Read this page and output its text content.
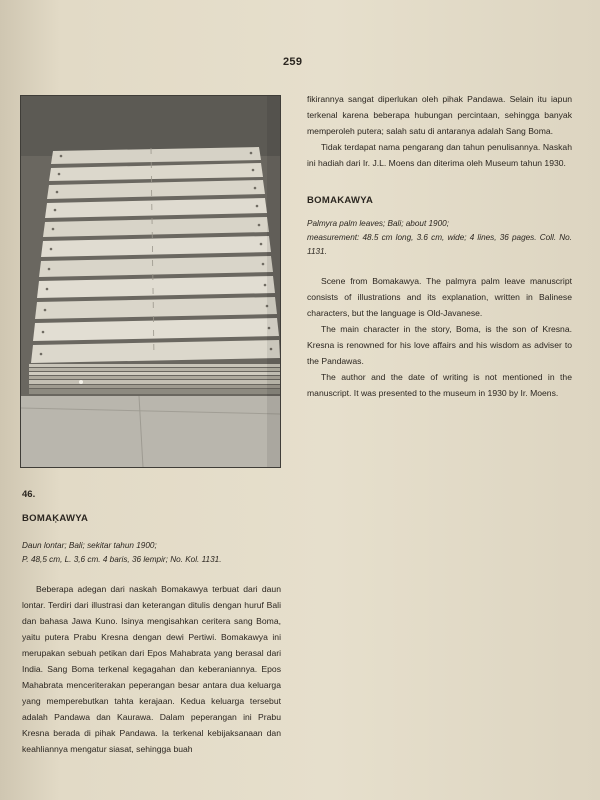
259

fikirannya sangat diperlukan oleh pihak Pandawa. Selain itu iapun terkenal karena beberapa hubungan percintaan, sehingga banyak memperoleh putera; salah satu di antaranya adalah Sang Boma.

Tidak terdapat nama pengarang dan tahun penulisannya. Naskah ini hadiah dari Ir. J.L. Moens dan diterima oleh Museum tahun 1930.

BOMAKAWYA

Palmyra palm leaves; Bali; about 1900;

measurement: 48.5 cm long, 3.6 cm, wide; 4 lines, 36 pages. Coll. No. 1131.

Scene from Bomakawya. The palmyra palm leave manuscript consists of illustrations and its explanation, written in Balinese characters, but the language is Old-Javanese.

The main character in the story, Boma, is the son of Kresna. Kresna is renowned for his love affairs and his wisdom as adviser to the Pandawas.

The author and the date of writing is not mentioned in the manuscript. It was presented to the museum in 1930 by Ir. Moens.

46.

BOMAḲAWYA

Daun lontar; Bali; sekitar tahun 1900;

P. 48,5 cm, L. 3,6 cm. 4 baris, 36 lempir; No. Kol. 1131.

Beberapa adegan dari naskah Bomakawya terbuat dari daun lontar. Terdiri dari illustrasi dan keterangan ditulis dengan huruf Bali dan bahasa Jawa Kuno. Isinya mengisahkan ceritera sang Boma, yaitu putera Prabu Kresna dengan dewi Pertiwi. Bomakawya ini merupakan sebuah petikan dari Epos Mahabrata yang berasal dari India. Sang Boma terkenal kegagahan dan keberaniannya. Epos Mahabrata menceriterakan peperangan besar antara dua keluarga yang memperebutkan tahta kerajaan. Kedua keluarga tersebut adalah Pandawa dan Kaurawa. Dalam peperangan ini Prabu Kresna berada di pihak Pandawa. Ia terkenal kebijaksanaan dan keahliannya mengatur siasat, sehingga buah
